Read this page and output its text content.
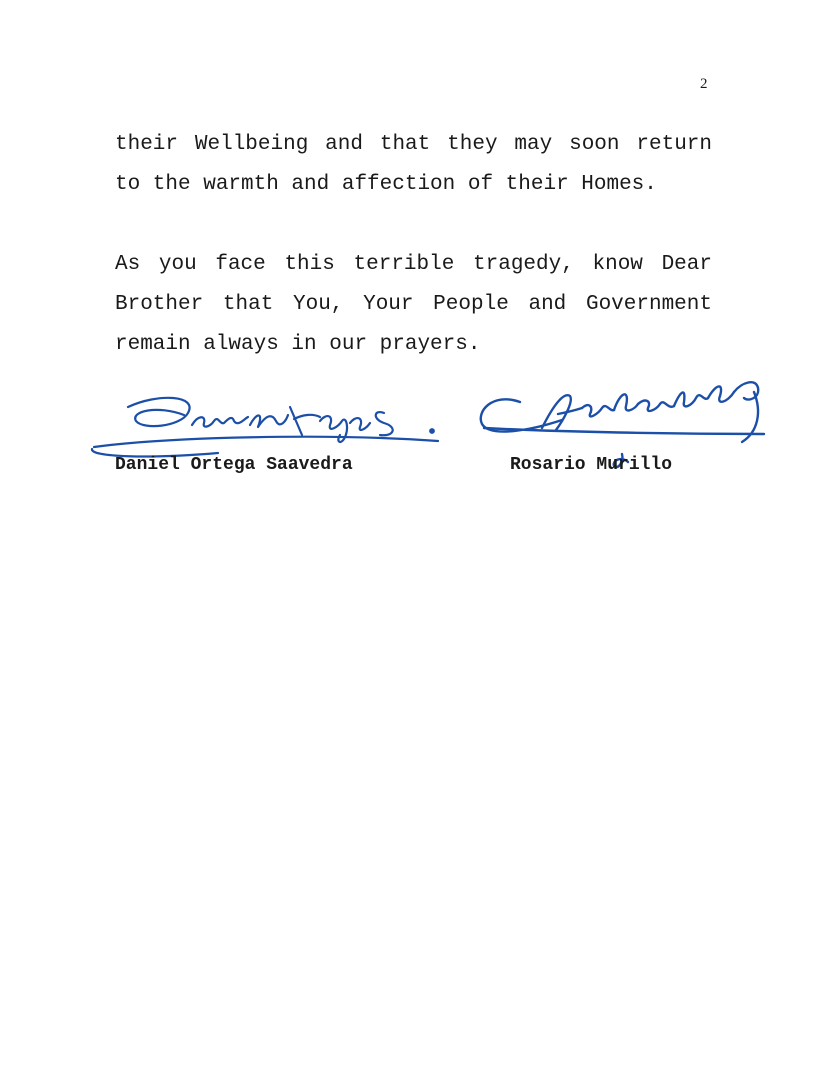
2
their Wellbeing and that they may soon return
to the warmth and affection of their Homes.
As you face this terrible tragedy, know Dear
Brother that You, Your People and Government
remain always in our prayers.
Daniel Ortega Saavedra	Rosario Murillo
